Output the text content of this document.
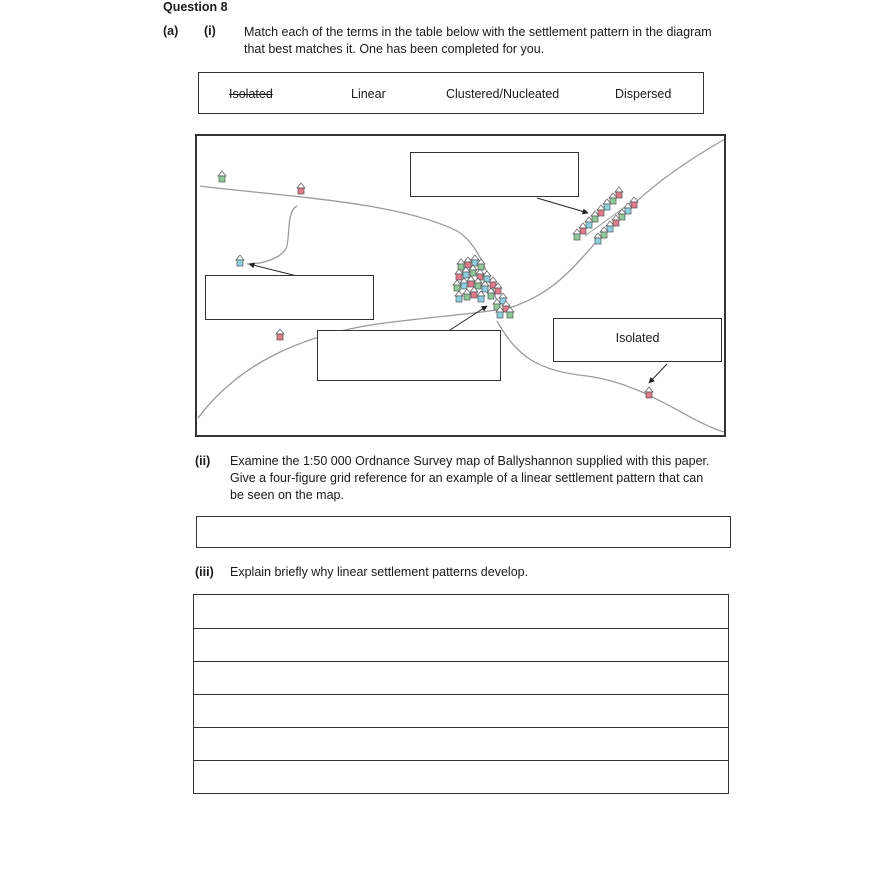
Question 8
(a) (i) Match each of the terms in the table below with the settlement pattern in the diagram
that best matches it. One has been completed for you.
Isolated	Linear	Clustered/Nucleated	Dispersed
Isolated
(ii) Examine the 1:50 000 Ordnance Survey map of Ballyshannon supplied with this paper.
Give a four-figure grid reference for an example of a linear settlement pattern that can
be seen on the map.
(iii) Explain briefly why linear settlement patterns develop.
